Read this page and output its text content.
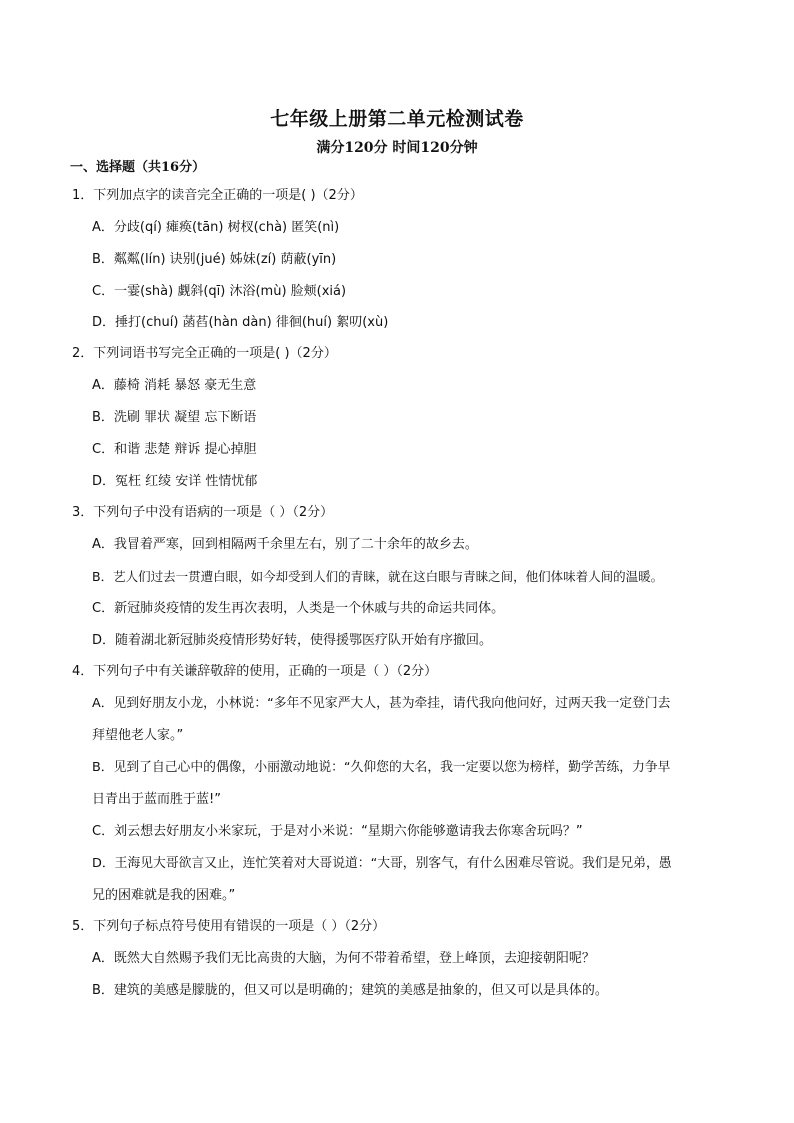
七年级上册第二单元检测试卷
满分120分 时间120分钟
一、选择题（共16分）
1．下列加点字的读音完全正确的一项是( )（2分）
A．分歧(qí) 瘫痪(tān) 树杈(chà) 匿笑(nì)
B．粼粼(lín) 诀别(jué) 姊妹(zí) 荫蔽(yīn)
C．一霎(shà) 觑斜(qī) 沐浴(mù) 脸颊(xiá)
D．捶打(chuí) 菡萏(hàn dàn) 徘徊(huí) 絮叨(xù)
2．下列词语书写完全正确的一项是( )（2分）
A．藤椅 消耗 暴怒 豪无生意
B．洗刷 罪状 凝望 忘下断语
C．和谐 悲楚 辩诉 提心掉胆
D．冤枉 红绫 安详 性情忧郁
3．下列句子中没有语病的一项是（ ）（2分）
A．我冒着严寒，回到相隔两千余里左右，别了二十余年的故乡去。
B．艺人们过去一贯遭白眼，如今却受到人们的青睐，就在这白眼与青睐之间，他们体味着人间的温暖。
C．新冠肺炎疫情的发生再次表明，人类是一个休戚与共的命运共同体。
D．随着湖北新冠肺炎疫情形势好转，使得援鄂医疗队开始有序撤回。
4．下列句子中有关谦辞敬辞的使用，正确的一项是（ ）（2分）
A．见到好朋友小龙，小林说：“多年不见家严大人，甚为牵挂，请代我向他问好，过两天我一定登门去
拜望他老人家。”
B．见到了自己心中的偶像，小丽激动地说：“久仰您的大名，我一定要以您为榜样，勤学苦练，力争早
日青出于蓝而胜于蓝!”
C．刘云想去好朋友小米家玩，于是对小米说：“星期六你能够邀请我去你寒舍玩吗？”
D．王海见大哥欲言又止，连忙笑着对大哥说道：“大哥，别客气，有什么困难尽管说。我们是兄弟，愚
兄的困难就是我的困难。”
5．下列句子标点符号使用有错误的一项是（ ）（2分）
A．既然大自然赐予我们无比高贵的大脑，为何不带着希望，登上峰顶，去迎接朝阳呢？
B．建筑的美感是朦胧的，但又可以是明确的；建筑的美感是抽象的，但又可以是具体的。
